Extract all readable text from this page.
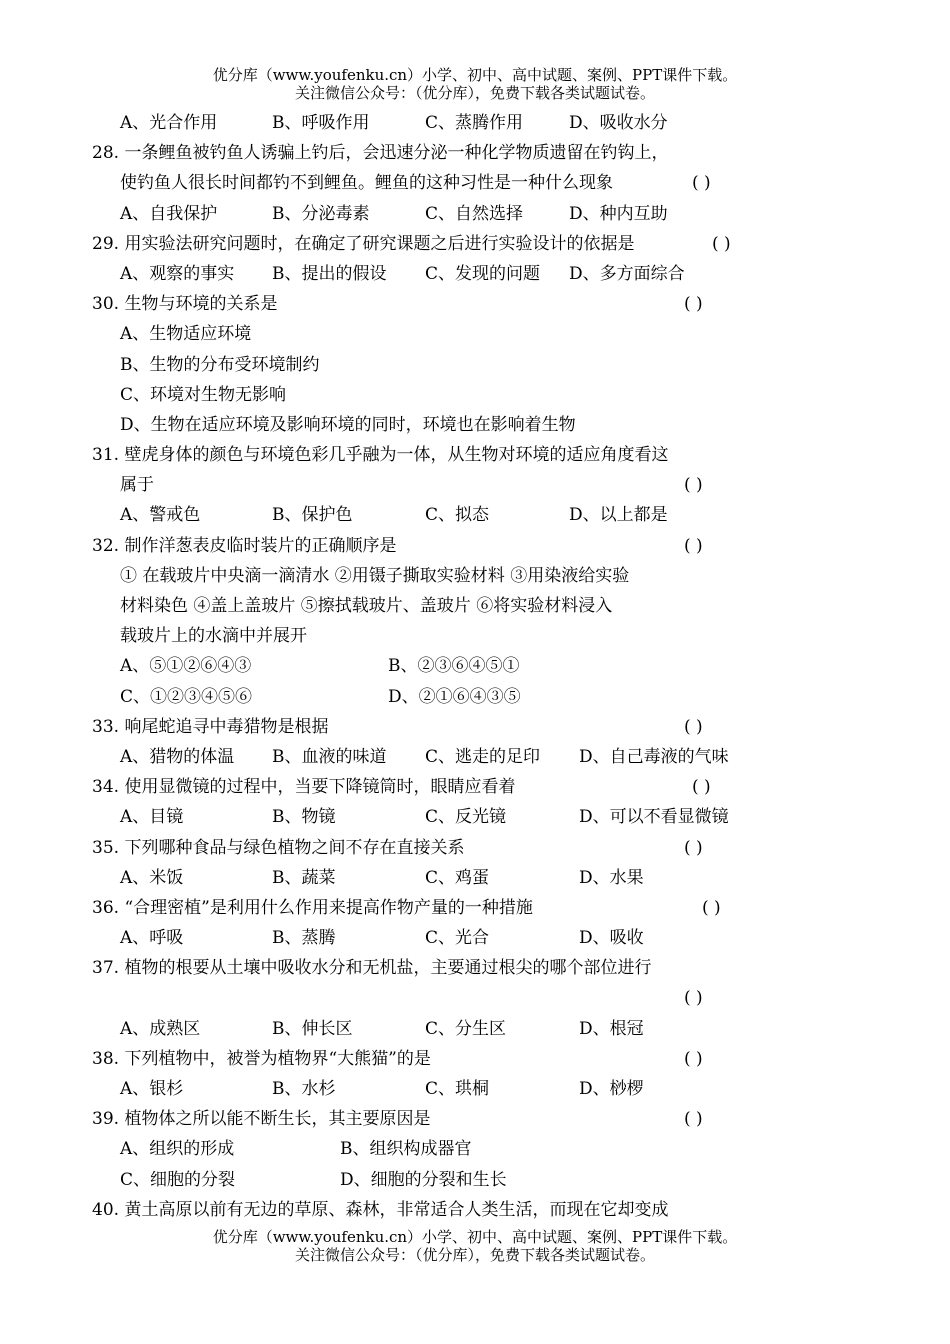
优分库（www.youfenku.cn）小学、初中、高中试题、案例、PPT课件下载。
关注微信公众号：（优分库），免费下载各类试题试卷。
A、光合作用	B、呼吸作用	C、蒸腾作用	D、吸收水分
28. 一条鲤鱼被钓鱼人诱骗上钓后，会迅速分泌一种化学物质遗留在钓钩上，
使钓鱼人很长时间都钓不到鲤鱼。鲤鱼的这种习性是一种什么现象	( )
A、自我保护	B、分泌毒素	C、自然选择	D、种内互助
29. 用实验法研究问题时，在确定了研究课题之后进行实验设计的依据是	( )
A、观察的事实 B、提出的假设 C、发现的问题 D、多方面综合
30. 生物与环境的关系是	( )
A、生物适应环境
B、生物的分布受环境制约
C、环境对生物无影响
D、生物在适应环境及影响环境的同时，环境也在影响着生物
31. 壁虎身体的颜色与环境色彩几乎融为一体，从生物对环境的适应角度看这
属于	( )
A、警戒色	B、保护色	C、拟态	D、以上都是
32. 制作洋葱表皮临时装片的正确顺序是	( )
① 在载玻片中央滴一滴清水 ②用镊子撕取实验材料 ③用染液给实验
材料染色 ④盖上盖玻片 ⑤擦拭载玻片、盖玻片 ⑥将实验材料浸入
载玻片上的水滴中并展开
A、⑤①②⑥④③	B、②③⑥④⑤①
C、①②③④⑤⑥	D、②①⑥④③⑤
33. 响尾蛇追寻中毒猎物是根据	( )
A、猎物的体温 B、血液的味道 C、逃走的足印 D、自己毒液的气味
34. 使用显微镜的过程中，当要下降镜筒时，眼睛应看着	( )
A、目镜	B、物镜	C、反光镜	D、可以不看显微镜
35. 下列哪种食品与绿色植物之间不存在直接关系	( )
A、米饭	B、蔬菜	C、鸡蛋	D、水果
36. “合理密植”是利用什么作用来提高作物产量的一种措施	( )
A、呼吸	B、蒸腾	C、光合	D、吸收
37. 植物的根要从土壤中吸收水分和无机盐，主要通过根尖的哪个部位进行
( )
A、成熟区	B、伸长区	C、分生区	D、根冠
38. 下列植物中，被誉为植物界“大熊猫”的是	( )
A、银杉	B、水杉	C、珙桐	D、桫椤
39. 植物体之所以能不断生长，其主要原因是	( )
A、组织的形成	B、组织构成器官
C、细胞的分裂	D、细胞的分裂和生长
40. 黄土高原以前有无边的草原、森林，非常适合人类生活，而现在它却变成
优分库（www.youfenku.cn）小学、初中、高中试题、案例、PPT课件下载。
关注微信公众号：（优分库），免费下载各类试题试卷。
